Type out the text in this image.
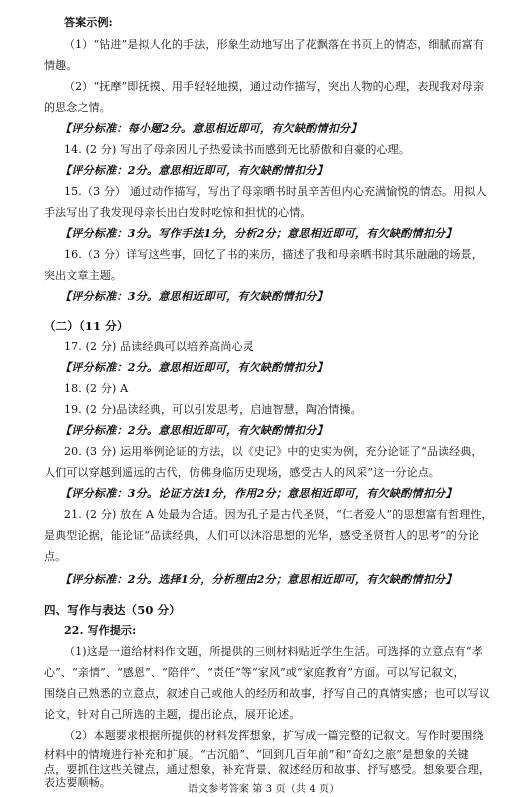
答案示例:
（1）“钻进”是拟人化的手法，形象生动地写出了花飘落在书页上的情态，细腻而富有
情趣。
（2）“抚摩”即抚摸、用手轻轻地摸，通过动作描写，突出人物的心理，表现我对母亲
的思念之情。
【评分标准：每小题2分。意思相近即可，有欠缺酌情扣分】
14. (2 分) 写出了母亲因儿子热爱读书而感到无比骄傲和自豪的心理。
【评分标准：2分。意思相近即可，有欠缺酌情扣分】
15.（3 分） 通过动作描写，写出了母亲晒书时虽辛苦但内心充满愉悦的情态。用拟人
手法写出了我发现母亲长出白发时吃惊和担忧的心情。
【评分标准：3分。写作手法1分，分析2分；意思相近即可，有欠缺酌情扣分】
16.（3 分）详写这些事，回忆了书的来历，描述了我和母亲晒书时其乐融融的场景，
突出文章主题。
【评分标准：3分。意思相近即可，有欠缺酌情扣分】
（二）（11 分）
17. (2 分) 品读经典可以培养高尚心灵
【评分标准：2分。意思相近即可，有欠缺酌情扣分】
18. (2 分) A
19. (2 分)品读经典，可以引发思考，启迪智慧，陶冶情操。
【评分标准：2分。意思相近即可，有欠缺酌情扣分】
20. (3 分) 运用举例论证的方法，以《史记》中的史实为例，充分论证了“品读经典，
人们可以穿越到遥远的古代，仿佛身临历史现场，感受古人的风采”这一分论点。
【评分标准：3分。论证方法1分，作用2分；意思相近即可，有欠缺酌情扣分】
21. (2 分) 放在 A 处最为合适。因为孔子是古代圣贤，“仁者爱人”的思想富有哲理性，
是典型论据，能论证“品读经典，人们可以沐浴思想的光华，感受圣贤哲人的思考”的分论
点。
【评分标准：2分。选择1分，分析理由2分；意思相近即可，有欠缺酌情扣分】
四、写作与表达（50 分）
22. 写作提示:
（1)这是一道给材料作文题，所提供的三则材料贴近学生生活。可选择的立意点有“孝
心”、“亲情”、“感恩”、“陪伴”、“责任”等“家风”或“家庭教育”方面。可以写记叙文，
围绕自己熟悉的立意点，叙述自己或他人的经历和故事，抒写自己的真情实感；也可以写议
论文，针对自己所选的主题，提出论点，展开论述。
（2）本题要求根据所提供的材料发挥想象，扩写成一篇完整的记叙文。写作时要围绕
材料中的情境进行补充和扩展。“古沉船”、“回到几百年前”和“奇幻之旅”是想象的关键
点，要抓住这些关键点，通过想象，补充背景、叙述经历和故事、抒写感受。想象要合理，
表达要顺畅。
语文参考答案 第 3 页（共 4 页）
